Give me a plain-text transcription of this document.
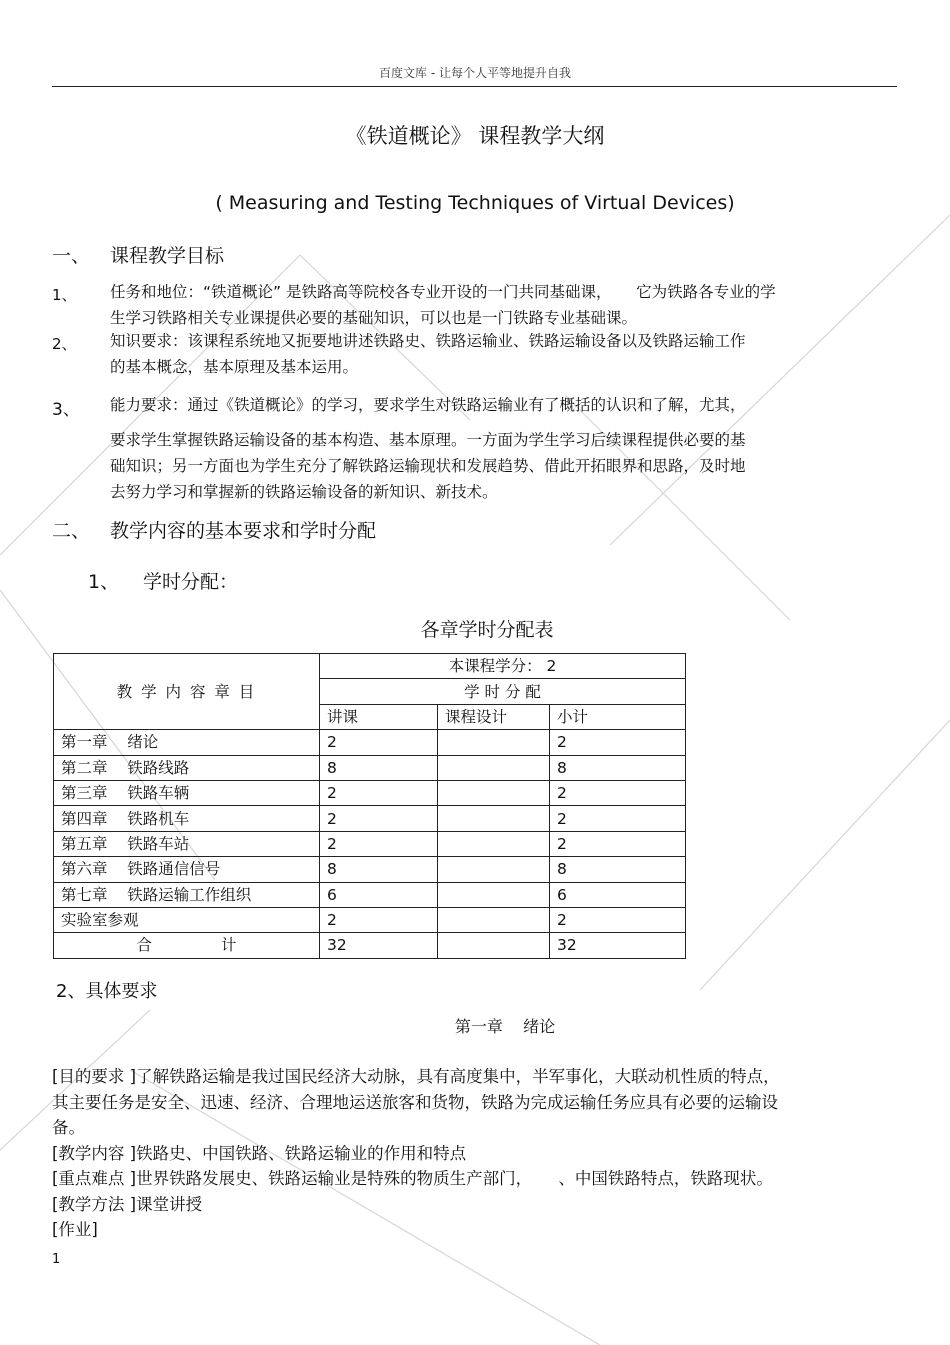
百度文库 - 让每个人平等地提升自我
《铁道概论》 课程教学大纲
( Measuring and Testing Techniques of Virtual Devices)
一、 课程教学目标
1、 任务和地位：“铁道概论” 是铁路高等院校各专业开设的一门共同基础课，     它为铁路各专业的学
生学习铁路相关专业课提供必要的基础知识，可以也是一门铁路专业基础课。
2、 知识要求：该课程系统地又扼要地讲述铁路史、铁路运输业、铁路运输设备以及铁路运输工作
的基本概念，基本原理及基本运用。
3、 能力要求：通过《铁道概论》的学习，要求学生对铁路运输业有了概括的认识和了解，尤其，
要求学生掌握铁路运输设备的基本构造、基本原理。一方面为学生学习后续课程提供必要的基
础知识；另一方面也为学生充分了解铁路运输现状和发展趋势、借此开拓眼界和思路，及时地
去努力学习和掌握新的铁路运输设备的新知识、新技术。
二、 教学内容的基本要求和学时分配
1、 学时分配：
各章学时分配表
教 学 内 容 章 目	本课程学分： 2		
	学 时 分 配		
	讲课	课程设计	小计
第一章    绪论	2		2
第二章    铁路线路	8		8
第三章    铁路车辆	2		2
第四章    铁路机车	2		2
第五章    铁路车站	2		2
第六章    铁路通信信号	8		8
第七章    铁路运输工作组织	6		6
实验室参观	2		2
合              计	32		32
2、具体要求
第一章    绪论
[目的要求 ]了解铁路运输是我过国民经济大动脉，具有高度集中，半军事化，大联动机性质的特点，
其主要任务是安全、迅速、经济、合理地运送旅客和货物，铁路为完成运输任务应具有必要的运输设
备。
[教学内容 ]铁路史、中国铁路、铁路运输业的作用和特点
[重点难点 ]世界铁路发展史、铁路运输业是特殊的物质生产部门，     、中国铁路特点，铁路现状。
[教学方法 ]课堂讲授
[作业]
1
